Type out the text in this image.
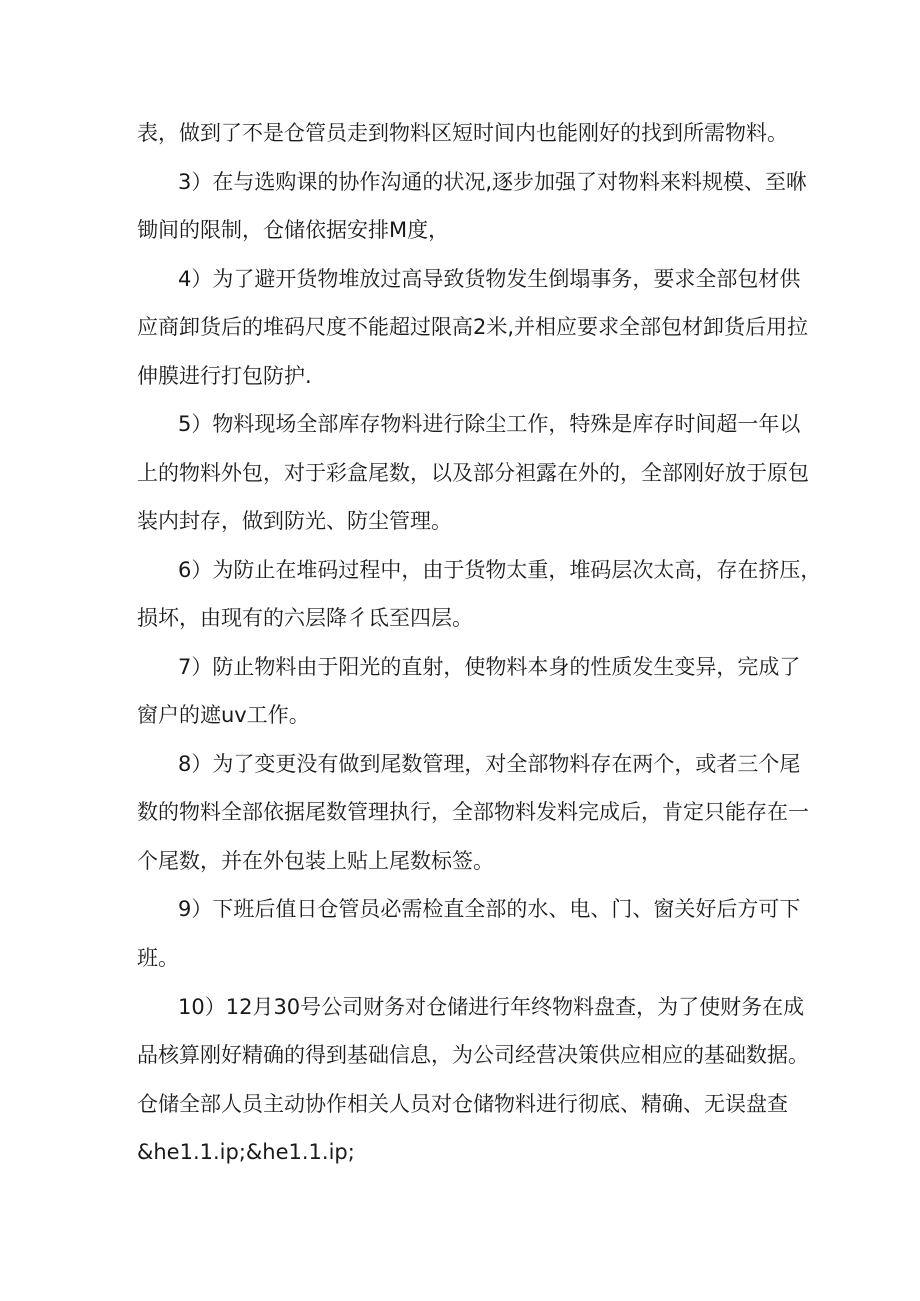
表，做到了不是仓管员走到物料区短时间内也能刚好的找到所需物料。

3）在与选购课的协作沟通的状况,逐步加强了对物料来料规模、至咻

锄间的限制，仓储依据安排M度，

4）为了避开货物堆放过高导致货物发生倒塌事务，要求全部包材供

应商卸货后的堆码尺度不能超过限高2米,并相应要求全部包材卸货后用拉

伸膜进行打包防护.

5）物料现场全部库存物料进行除尘工作，特殊是库存时间超一年以

上的物料外包，对于彩盒尾数，以及部分袒露在外的，全部刚好放于原包

装内封存，做到防光、防尘管理。

6）为防止在堆码过程中，由于货物太重，堆码层次太高，存在挤压，

损坏，由现有的六层降彳氐至四层。

7）防止物料由于阳光的直射，使物料本身的性质发生变异，完成了

窗户的遮uv工作。

8）为了变更没有做到尾数管理，对全部物料存在两个，或者三个尾

数的物料全部依据尾数管理执行，全部物料发料完成后，肯定只能存在一

个尾数，并在外包装上贴上尾数标签。

9）下班后值日仓管员必需检直全部的水、电、门、窗关好后方可下

班。

10）12月30号公司财务对仓储进行年终物料盘查，为了使财务在成

品核算刚好精确的得到基础信息，为公司经营决策供应相应的基础数据。

仓储全部人员主动协作相关人员对仓储物料进行彻底、精确、无误盘查

&he1.1.ip;&he1.1.ip;
